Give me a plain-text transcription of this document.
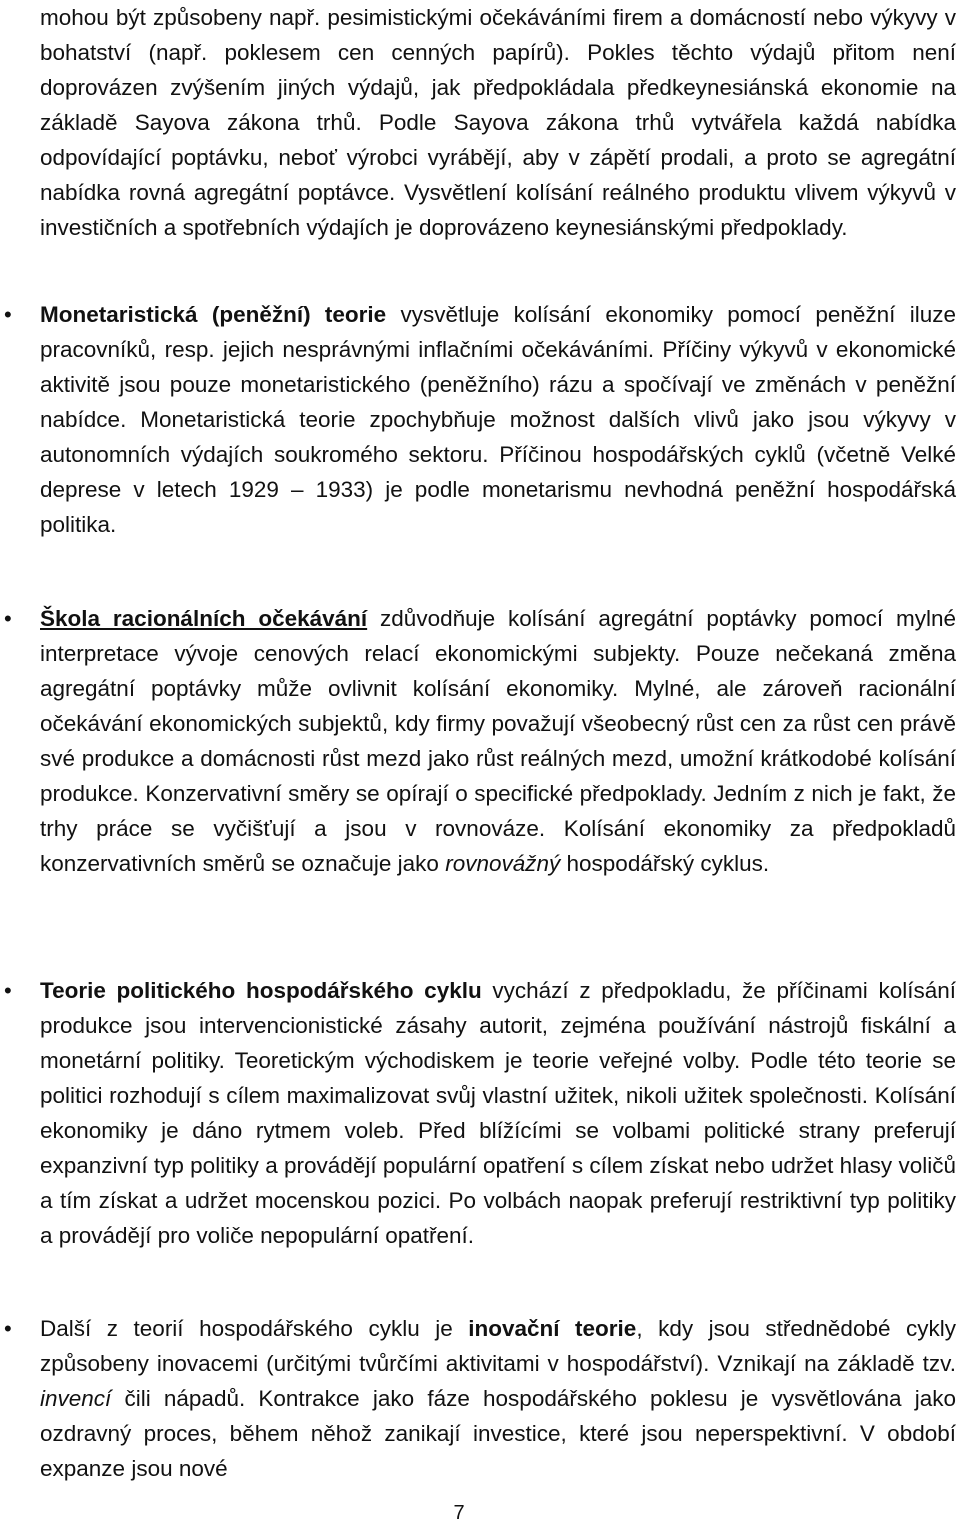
mohou být způsobeny např. pesimistickými očekáváními firem a domácností nebo výkyvy v bohatství (např. poklesem cen cenných papírů). Pokles těchto výdajů přitom není doprovázen zvýšením jiných výdajů, jak předpokládala předkeynesiánská ekonomie na základě Sayova zákona trhů. Podle Sayova zákona trhů vytvářela každá nabídka odpovídající poptávku, neboť výrobci vyrábějí, aby v zápětí prodali, a proto se agregátní nabídka rovná agregátní poptávce. Vysvětlení kolísání reálného produktu vlivem výkyvů v investičních a spotřebních výdajích je doprovázeno keynesiánskými předpoklady.
• Monetaristická (peněžní) teorie vysvětluje kolísání ekonomiky pomocí peněžní iluze pracovníků, resp. jejich nesprávnými inflačními očekáváními. Příčiny výkyvů v ekonomické aktivitě jsou pouze monetaristického (peněžního) rázu a spočívají ve změnách v peněžní nabídce. Monetaristická teorie zpochybňuje možnost dalších vlivů jako jsou výkyvy v autonomních výdajích soukromého sektoru. Příčinou hospodářských cyklů (včetně Velké deprese v letech 1929 – 1933) je podle monetarismu nevhodná peněžní hospodářská politika.
• Škola racionálních očekávání zdůvodňuje kolísání agregátní poptávky pomocí mylné interpretace vývoje cenových relací ekonomickými subjekty. Pouze nečekaná změna agregátní poptávky může ovlivnit kolísání ekonomiky. Mylné, ale zároveň racionální očekávání ekonomických subjektů, kdy firmy považují všeobecný růst cen za růst cen právě své produkce a domácnosti růst mezd jako růst reálných mezd, umožní krátkodobé kolísání produkce. Konzervativní směry se opírají o specifické předpoklady. Jedním z nich je fakt, že trhy práce se vyčišťují a jsou v rovnováze. Kolísání ekonomiky za předpokladů konzervativních směrů se označuje jako rovnovážný hospodářský cyklus.
• Teorie politického hospodářského cyklu vychází z předpokladu, že příčinami kolísání produkce jsou intervencionistické zásahy autorit, zejména používání nástrojů fiskální a monetární politiky. Teoretickým východiskem je teorie veřejné volby. Podle této teorie se politici rozhodují s cílem maximalizovat svůj vlastní užitek, nikoli užitek společnosti. Kolísání ekonomiky je dáno rytmem voleb. Před blížícími se volbami politické strany preferují expanzivní typ politiky a provádějí populární opatření s cílem získat nebo udržet hlasy voličů a tím získat a udržet mocenskou pozici. Po volbách naopak preferují restriktivní typ politiky a provádějí pro voliče nepopulární opatření.
• Další z teorií hospodářského cyklu je inovační teorie, kdy jsou střednědobé cykly způsobeny inovacemi (určitými tvůrčími aktivitami v hospodářství). Vznikají na základě tzv. invencí čili nápadů. Kontrakce jako fáze hospodářského poklesu je vysvětlována jako ozdravný proces, během něhož zanikají investice, které jsou neperspektivní. V období expanze jsou nové
7
